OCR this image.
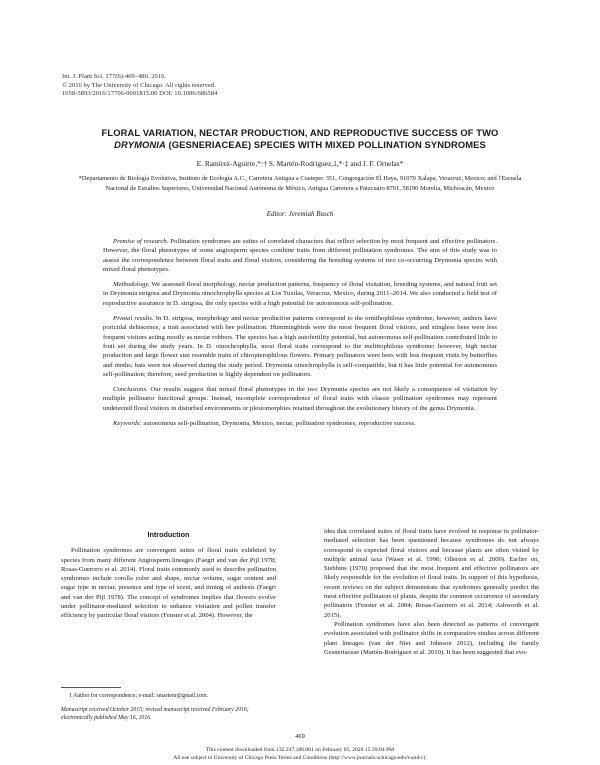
Int. J. Plant Sci. 177(6):469–480. 2016.
© 2016 by The University of Chicago. All rights reserved.
1058-5893/2016/17706-0001$15.00 DOI: 10.1086/686584
FLORAL VARIATION, NECTAR PRODUCTION, AND REPRODUCTIVE SUCCESS OF TWO
DRYMONIA (GESNERIACEAE) SPECIES WITH MIXED POLLINATION SYNDROMES
E. Ramírez-Aguirre,*·† S. Martén-Rodríguez,1,*·‡ and J. F. Ornelas*
*Departamento de Biología Evolutiva, Instituto de Ecología A.C., Carretera Antigua a Coatepec 351, Congregación El Haya, 91070 Xalapa, Veracruz, Mexico; and †Escuela Nacional de Estudios Superiores, Universidad Nacional Autónoma de México, Antigua Carretera a Pátzcuaro 8701, 58190 Morelia, Michoacán, Mexico
Editor: Jeremiah Busch

Premise of research. Pollination syndromes are suites of correlated characters that reflect selection by most frequent and effective pollinators. However, the floral phenotypes of some angiosperm species combine traits from different pollination syndromes. The aim of this study was to assess the correspondence between floral traits and floral visitors, considering the breeding systems of two co-occurring Drymonia species with mixed floral phenotypes.

Methodology. We assessed floral morphology, nectar production patterns, frequency of floral visitation, breeding systems, and natural fruit set in Drymonia strigosa and Drymonia oinochrophylla species at Los Tuxtlas, Veracruz, Mexico, during 2011–2014. We also conducted a field test of reproductive assurance in D. strigosa, the only species with a high potential for autonomous self-pollination.

Pivotal results. In D. strigosa, morphology and nectar production patterns correspond to the ornithophilous syndrome; however, anthers have poricidal dehiscence, a trait associated with bee pollination. Hummingbirds were the most frequent floral visitors, and stingless bees were less frequent visitors acting mostly as nectar robbers. The species has a high autofertility potential, but autonomous self-pollination contributed little to fruit set during the study years. In D. oinochrophylla, most floral traits correspond to the melittophilous syndrome; however, high nectar production and large flower size resemble traits of chiropterophilous flowers. Primary pollinators were bees with less frequent visits by butterflies and moths; bats were not observed during the study period. Drymonia oinochrophylla is self-compatible, but it has little potential for autonomous self-pollination; therefore, seed production is highly dependent on pollinators.

Conclusions. Our results suggest that mixed floral phenotypes in the two Drymonia species are not likely a consequence of visitation by multiple pollinator functional groups. Instead, incomplete correspondence of floral traits with classic pollination syndromes may represent undetected floral visitors in disturbed environments or plesiomorphies retained throughout the evolutionary history of the genus Drymonia.

Keywords: autonomous self-pollination, Drymonia, Mexico, nectar, pollination syndromes, reproductive success.

Introduction

Pollination syndromes are convergent suites of floral traits exhibited by species from many different Angiosperm lineages (Faegri and van der Pijl 1978; Rosas-Guerrero et al. 2014). Floral traits commonly used to describe pollination syndromes include corolla color and shape, nectar volume, sugar content and sugar type in nectar, presence and type of scent, and timing of anthesis (Faegri and van der Pijl 1978). The concept of syndromes implies that flowers evolve under pollinator-mediated selection to enhance visitation and pollen transfer efficiency by particular floral visitors (Fenster et al. 2004). However, the

idea that correlated suites of floral traits have evolved in response to pollinator-mediated selection has been questioned because syndromes do not always correspond to expected floral visitors and because plants are often visited by multiple animal taxa (Waser et al. 1996; Ollerton et al. 2009). Earlier on, Stebbins (1970) proposed that the most frequent and effective pollinators are likely responsible for the evolution of floral traits. In support of this hypothesis, recent reviews on the subject demonstrate that syndromes generally predict the most effective pollinators of plants, despite the common occurrence of secondary pollinators (Fenster et al. 2004; Rosas-Guerrero et al. 2014; Ashworth et al. 2015).

Pollination syndromes have also been detected as patterns of convergent evolution associated with pollinator shifts in comparative studies across different plant lineages (van der Niet and Johnson 2012), including the family Gesneriaceae (Martén-Rodríguez et al. 2010). It has been suggested that evo-

1 Author for correspondence; e-mail: smartenr@gmail.com.
Manuscript received October 2015; revised manuscript received February 2016; electronically published May 16, 2016.
469
This content downloaded from 132.247.186.001 on February 05, 2020 15:39:04 PM
All use subject to University of Chicago Press Terms and Conditions (http://www.journals.uchicago.edu/t-and-c).
